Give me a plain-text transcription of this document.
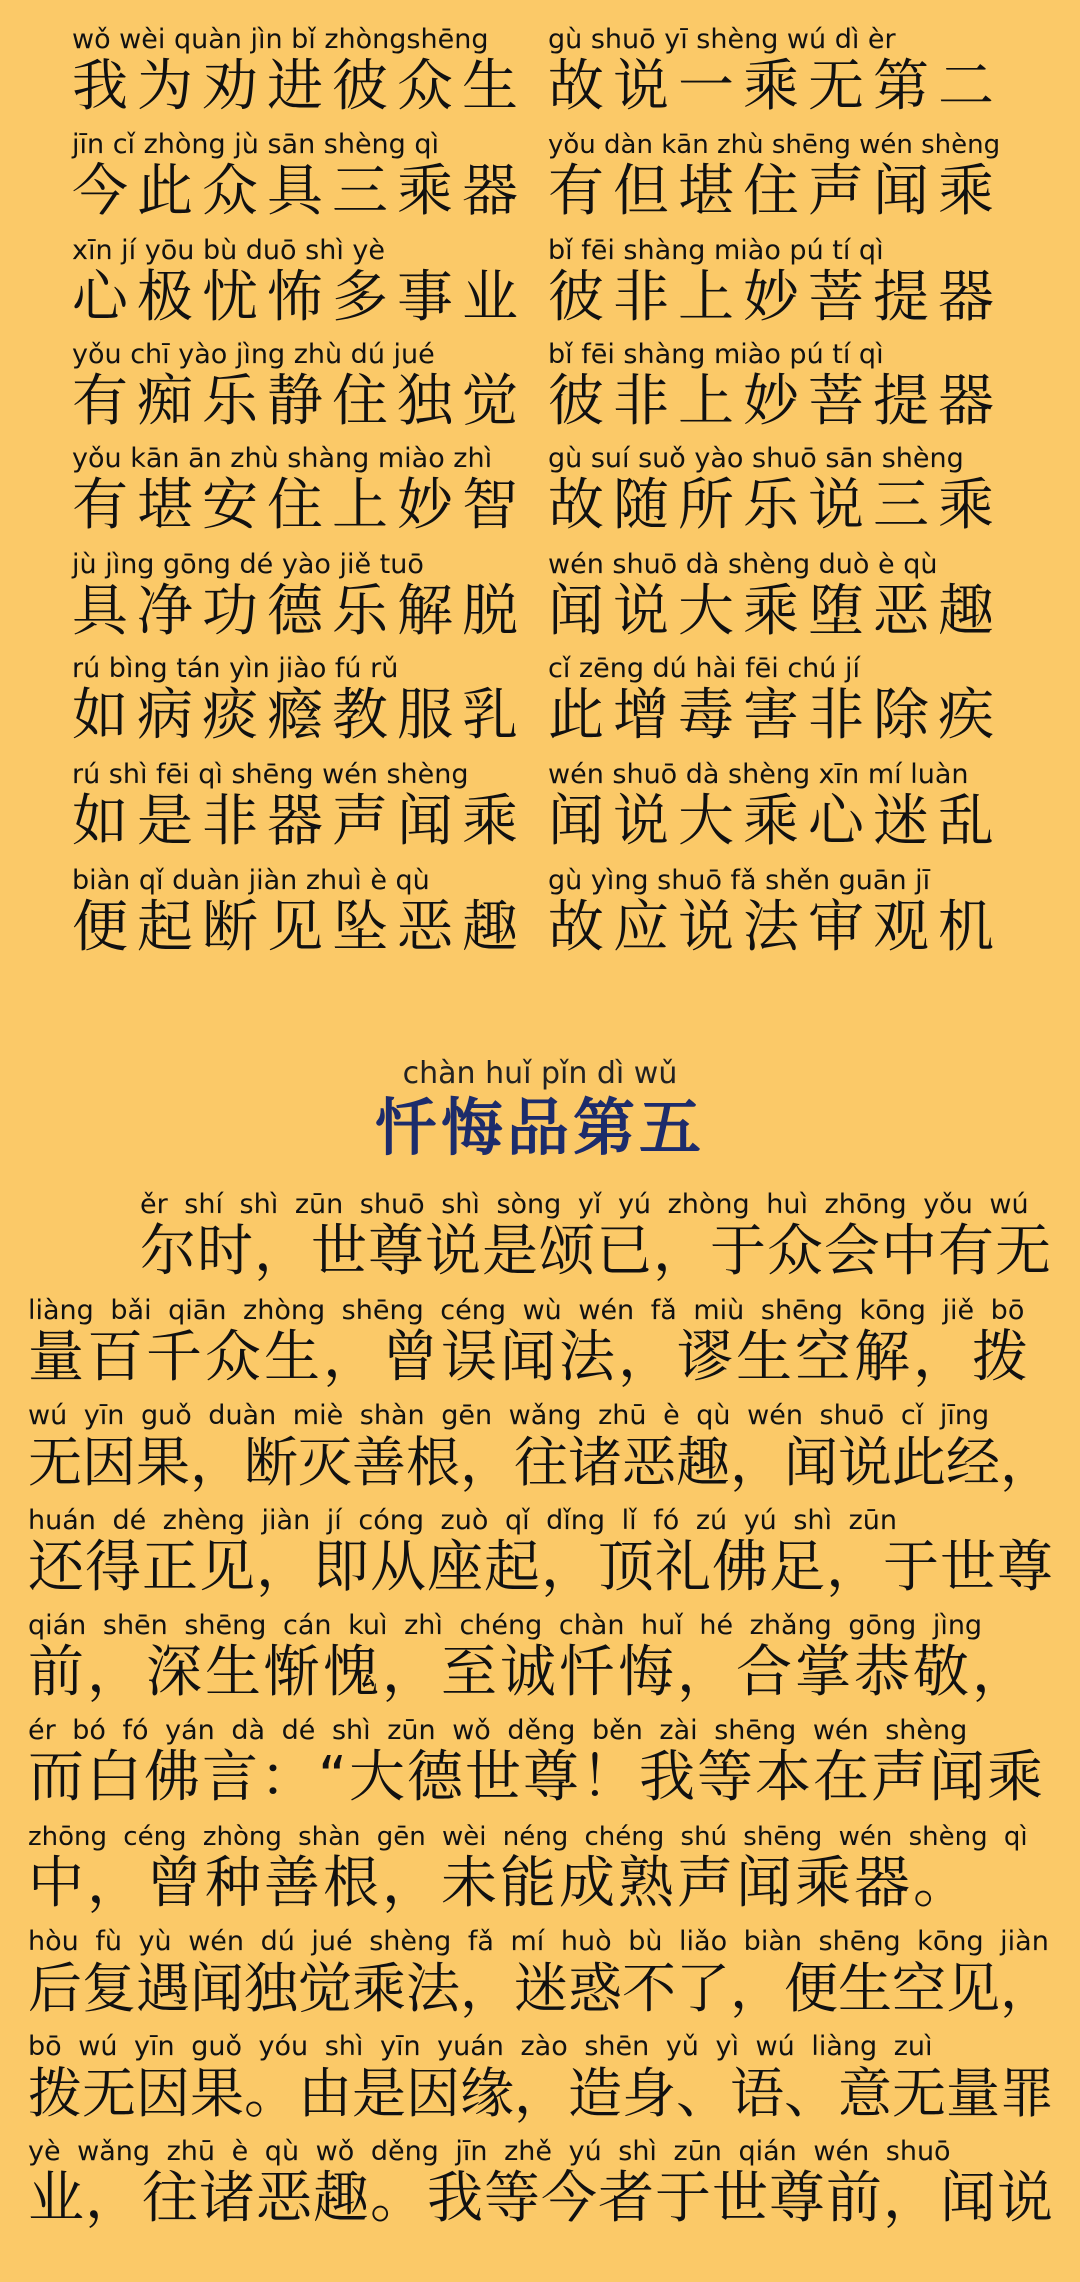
wǒ wèi quàn jìn bǐ zhòngshēng
我为劝进彼众生
gù shuō yī shèng wú dì èr
故说一乘无第二
jīn cǐ zhòng jù sān shèng qì
今此众具三乘器
yǒu dàn kān zhù shēng wén shèng
有但堪住声闻乘
xīn jí yōu bù duō shì yè
心极忧怖多事业
bǐ fēi shàng miào pú tí qì
彼非上妙菩提器
yǒu chī yào jìng zhù dú jué
有痴乐静住独觉
bǐ fēi shàng miào pú tí qì
彼非上妙菩提器
yǒu kān ān zhù shàng miào zhì
有堪安住上妙智
gù suí suǒ yào shuō sān shèng
故随所乐说三乘
jù jìng gōng dé yào jiě tuō
具净功德乐解脱
wén shuō dà shèng duò è qù
闻说大乘堕恶趣
rú bìng tán yìn jiào fú rǔ
如病痰癊教服乳
cǐ zēng dú hài fēi chú jí
此增毒害非除疾
rú shì fēi qì shēng wén shèng
如是非器声闻乘
wén shuō dà shèng xīn mí luàn
闻说大乘心迷乱
biàn qǐ duàn jiàn zhuì è qù
便起断见坠恶趣
gù yìng shuō fǎ shěn guān jī
故应说法审观机
chàn huǐ pǐn dì wǔ
忏悔品第五
ěr shí shì zūn shuō shì sòng yǐ yú zhòng huì zhōng yǒu wú
尔时，世尊说是颂已，于众会中有无
liàng bǎi qiān zhòng shēng céng wù wén fǎ miù shēng kōng jiě bō
量百千众生，曾误闻法，谬生空解，拨
wú yīn guǒ duàn miè shàn gēn wǎng zhū è qù wén shuō cǐ jīng
无因果，断灭善根，往诸恶趣，闻说此经，
huán dé zhèng jiàn jí cóng zuò qǐ dǐng lǐ fó zú yú shì zūn
还得正见，即从座起，顶礼佛足，于世尊
qián shēn shēng cán kuì zhì chéng chàn huǐ hé zhǎng gōng jìng
前，深生惭愧，至诚忏悔，合掌恭敬，
ér bó fó yán dà dé shì zūn wǒ děng běn zài shēng wén shèng
而白佛言：“大德世尊！我等本在声闻乘
zhōng céng zhòng shàn gēn wèi néng chéng shú shēng wén shèng qì
中，曾种善根，未能成熟声闻乘器。
hòu fù yù wén dú jué shèng fǎ mí huò bù liǎo biàn shēng kōng jiàn
后复遇闻独觉乘法，迷惑不了，便生空见，
bō wú yīn guǒ yóu shì yīn yuán zào shēn yǔ yì wú liàng zuì
拨无因果。由是因缘，造身、语、意无量罪
yè wǎng zhū è qù wǒ děng jīn zhě yú shì zūn qián wén shuō
业，往诸恶趣。我等今者于世尊前，闻说
